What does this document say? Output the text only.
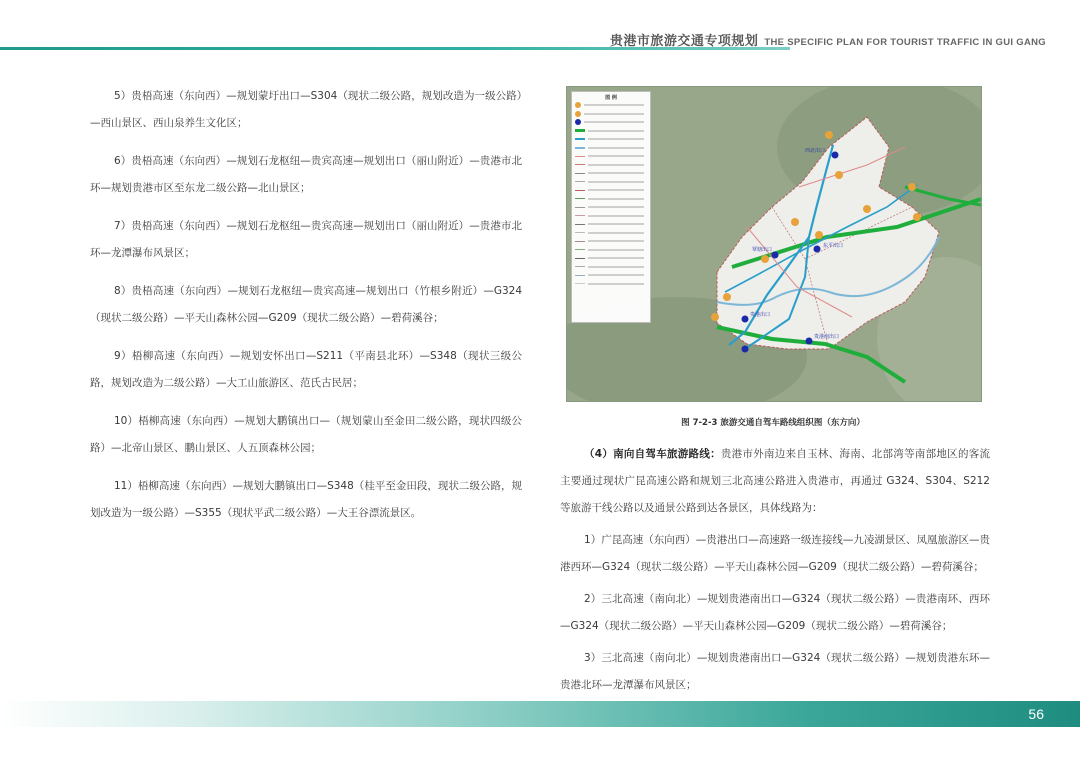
贵港市旅游交通专项规划 THE SPECIFIC PLAN FOR TOURIST TRAFFIC IN GUI GANG

5）贵梧高速（东向西）—规划蒙圩出口—S304（现状二级公路，规划改造为一级公路）—西山景区、西山泉养生文化区；

6）贵梧高速（东向西）—规划石龙枢纽—贵宾高速—规划出口（丽山附近）—贵港市北环—规划贵港市区至东龙二级公路—北山景区；

7）贵梧高速（东向西）—规划石龙枢纽—贵宾高速—规划出口（丽山附近）—贵港市北环—龙潭瀑布风景区；

8）贵梧高速（东向西）—规划石龙枢纽—贵宾高速—规划出口（竹根乡附近）—G324（现状二级公路）—平天山森林公园—G209（现状二级公路）—碧荷溪谷；

9）梧柳高速（东向西）—规划安怀出口—S211（平南县北环）—S348（现状三级公路，规划改造为二级公路）—大工山旅游区、范氏古民居；

10）梧柳高速（东向西）—规划大鹏镇出口—（规划蒙山至金田二级公路，现状四级公路）—北帝山景区、鹏山景区、人五顶森林公园；

11）梧柳高速（东向西）—规划大鹏镇出口—S348（桂平至金田段，现状二级公路，规划改造为一级公路）—S355（现状平武二级公路）—大王谷漂流景区。

西北出口
东平出口
贵港出口
覃塘出口
贵港南出口
图 例
图 7-2-3 旅游交通自驾车路线组织图（东方向）

（4）南向自驾车旅游路线：贵港市外南边来自玉林、海南、北部湾等南部地区的客流主要通过现状广昆高速公路和规划三北高速公路进入贵港市，再通过 G324、S304、S212 等旅游干线公路以及通景公路到达各景区，具体线路为：

1）广昆高速（东向西）—贵港出口—高速路一级连接线—九凌湖景区、凤凰旅游区—贵港西环—G324（现状二级公路）—平天山森林公园—G209（现状二级公路）—碧荷溪谷；

2）三北高速（南向北）—规划贵港南出口—G324（现状二级公路）—贵港南环、西环—G324（现状二级公路）—平天山森林公园—G209（现状二级公路）—碧荷溪谷；

3）三北高速（南向北）—规划贵港南出口—G324（现状二级公路）—规划贵港东环—贵港北环—龙潭瀑布风景区；

56
